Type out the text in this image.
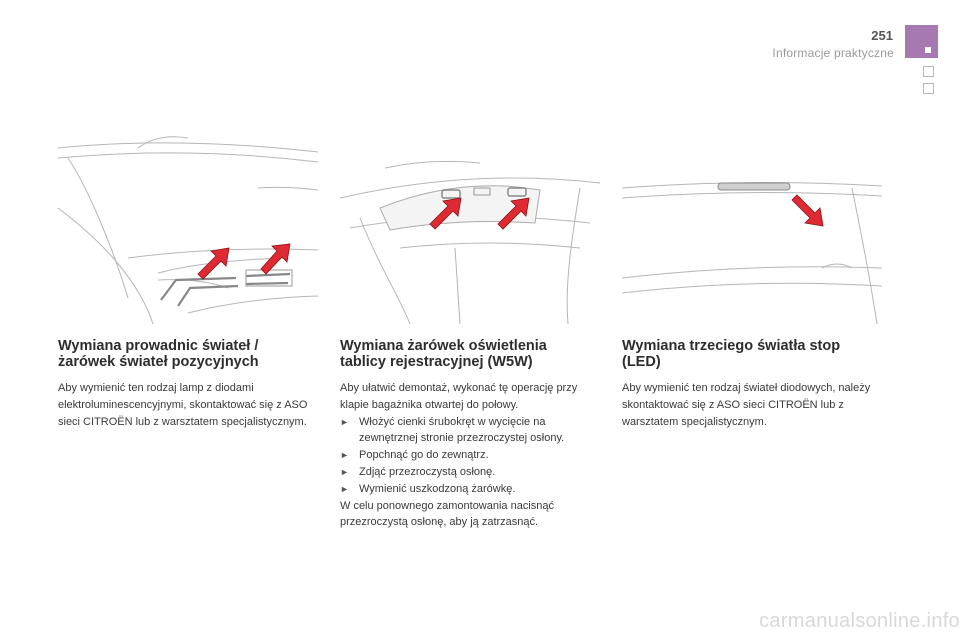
251
Informacje praktyczne
Wymiana prowadnic świateł /
żarówek świateł pozycyjnych

Aby wymienić ten rodzaj lamp z diodami elektroluminescencyjnymi, skontaktować się z ASO sieci CITROËN lub z warsztatem specjalistycznym.

Wymiana żarówek oświetlenia
tablicy rejestracyjnej (W5W)

Aby ułatwić demontaż, wykonać tę operację przy klapie bagażnika otwartej do połowy.

► Włożyć cienki śrubokręt w wycięcie na zewnętrznej stronie przezroczystej osłony.
► Popchnąć go do zewnątrz.
► Zdjąć przezroczystą osłonę.
► Wymienić uszkodzoną żarówkę.

W celu ponownego zamontowania nacisnąć przezroczystą osłonę, aby ją zatrzasnąć.

Wymiana trzeciego światła stop
(LED)

Aby wymienić ten rodzaj świateł diodowych, należy skontaktować się z ASO sieci CITROËN lub z warsztatem specjalistycznym.

carmanualsonline.info
